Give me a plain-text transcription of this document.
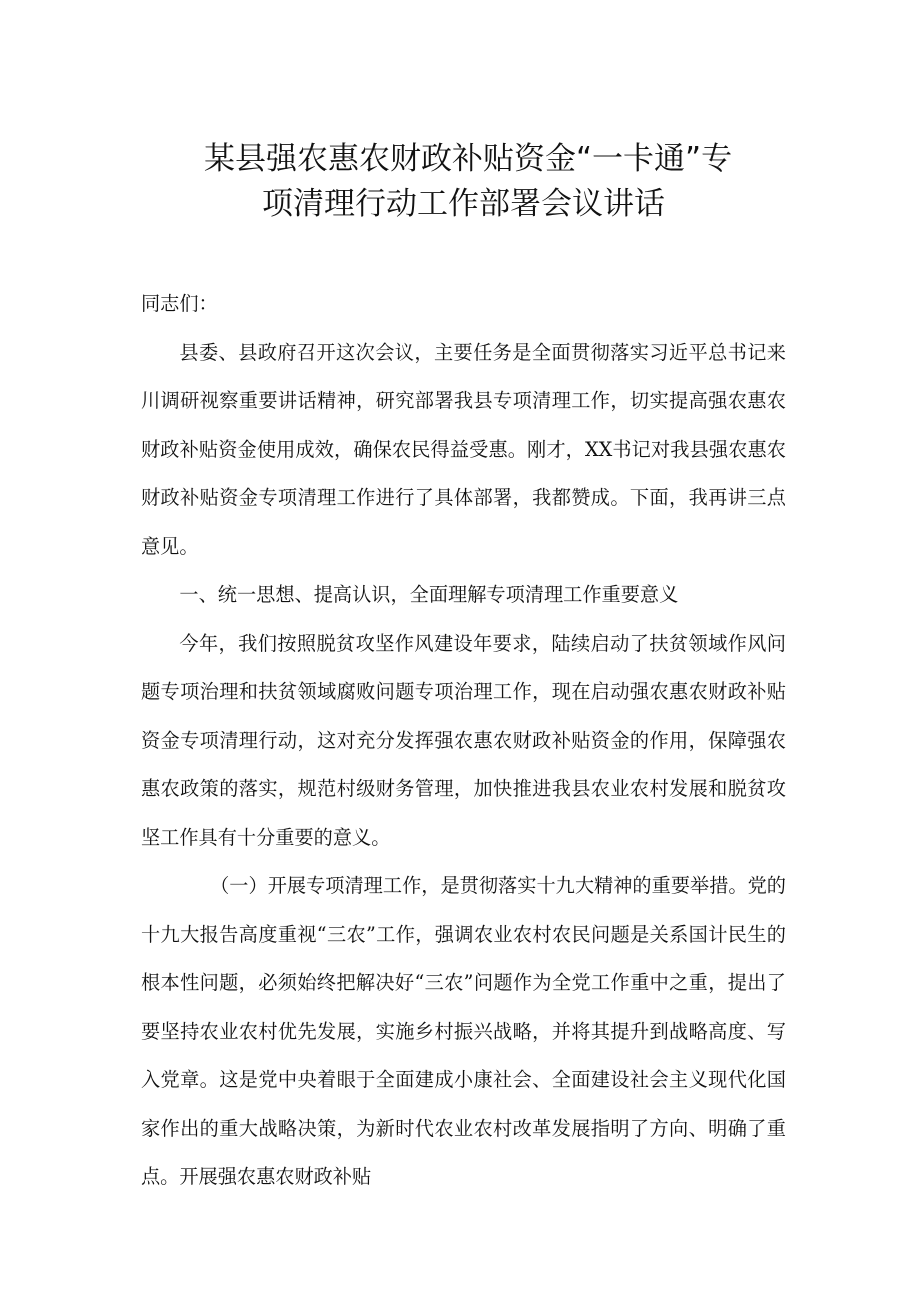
某县强农惠农财政补贴资金“一卡通”专
项清理行动工作部署会议讲话

同志们：

县委、县政府召开这次会议，主要任务是全面贯彻落实习近平总书记来川调研视察重要讲话精神，研究部署我县专项清理工作，切实提高强农惠农财政补贴资金使用成效，确保农民得益受惠。刚才，XX书记对我县强农惠农财政补贴资金专项清理工作进行了具体部署，我都赞成。下面，我再讲三点意见。

一、统一思想、提高认识，全面理解专项清理工作重要意义

今年，我们按照脱贫攻坚作风建设年要求，陆续启动了扶贫领域作风问题专项治理和扶贫领域腐败问题专项治理工作，现在启动强农惠农财政补贴资金专项清理行动，这对充分发挥强农惠农财政补贴资金的作用，保障强农惠农政策的落实，规范村级财务管理，加快推进我县农业农村发展和脱贫攻坚工作具有十分重要的意义。

（一）开展专项清理工作，是贯彻落实十九大精神的重要举措。党的十九大报告高度重视“三农”工作，强调农业农村农民问题是关系国计民生的根本性问题，必须始终把解决好“三农”问题作为全党工作重中之重，提出了要坚持农业农村优先发展，实施乡村振兴战略，并将其提升到战略高度、写入党章。这是党中央着眼于全面建成小康社会、全面建设社会主义现代化国家作出的重大战略决策，为新时代农业农村改革发展指明了方向、明确了重点。开展强农惠农财政补贴
